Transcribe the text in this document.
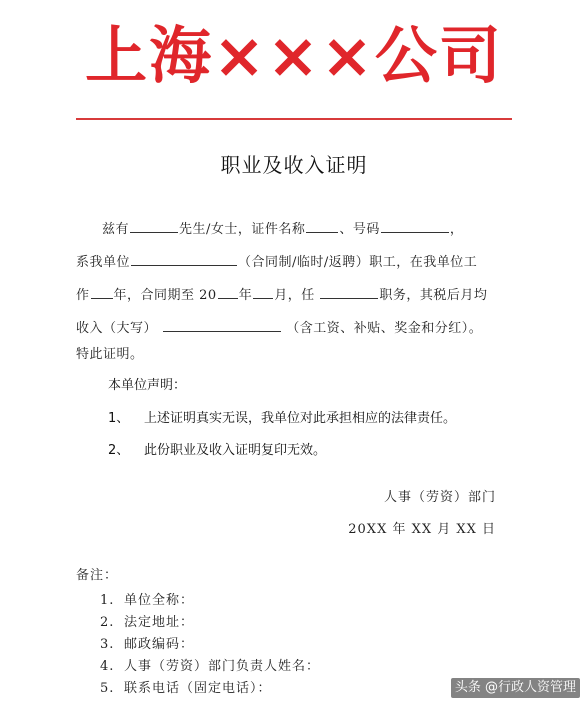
上海×××公司
职业及收入证明
兹有	先生/女士，证件名称	、号码	，
系我单位	（合同制/临时/返聘）职工，在我单位工
作 年，合同期至 20 年 月，任	职务，其税后月均
收入（大写）	（含工资、补贴、奖金和分红）。
特此证明。
本单位声明：
1、 上述证明真实无误，我单位对此承担相应的法律责任。
2、 此份职业及收入证明复印无效。
人事（劳资）部门
20XX 年 XX 月 XX 日
备注：
1. 单位全称：
2. 法定地址：
3. 邮政编码：
4. 人事（劳资）部门负责人姓名：
5. 联系电话（固定电话）：	头条 @行政人资管理
